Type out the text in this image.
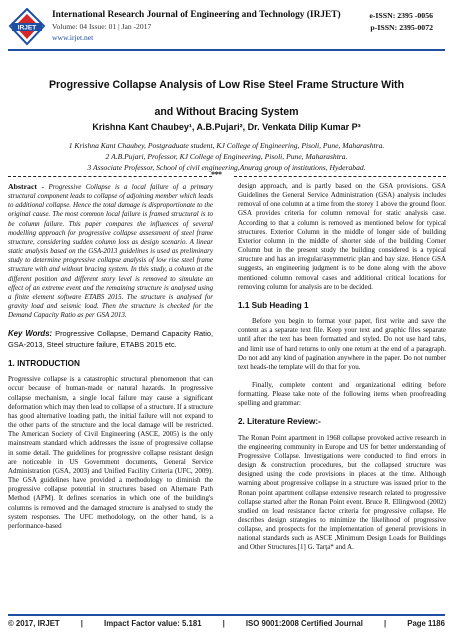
IRJET
International Research Journal of Engineering and Technology (IRJET)
Volume: 04 Issue: 01 | Jan -2017
www.irjet.net
e-ISSN: 2395 -0056
p-ISSN: 2395-0072
Progressive Collapse Analysis of Low Rise Steel Frame Structure With
and Without Bracing System
Krishna Kant Chaubey¹, A.B.Pujari², Dr. Venkata Dilip Kumar P³
1 Krishna Kant Chaubey, Postgraduate student, KJ College of Engineering, Pisoli, Pune, Maharashtra.
2 A.B.Pujari, Professor, KJ College of Engineering, Pisoli, Pune, Maharashtra.
3 Associate Professor, School of civil engineering,Anurag group of institutions, Hyderabad.
***

Abstract - Progressive Collapse is a local failure of a primary structural component leads to collapse of adjoining member which leads to additional collapse. Hence the total damage is disproportionate to the original cause. The most common local failure is framed structural is to be column failure. This paper compares the influences of several modelling approach for progressive collapse assessment of steel frame structure, considering sudden column loss as design scenario. A linear static analysis based on the GSA-2013 guidelines is used as preliminary study to determine progressive collapse analysis of low rise steel frame structure with and without bracing system. In this study, a column at the different position and different story level is removed to simulate an effect of an extreme event and the remaining structure is analysed using a finite element software ETABS 2015. The structure is analysed for gravity load and seismic load. Then the structure is checked for the Demand Capacity Ratio as per GSA 2013.

Key Words: Progressive Collapse, Demand Capacity Ratio, GSA-2013, Steel structure failure, ETABS 2015 etc.

1. INTRODUCTION

Progressive collapse is a catastrophic structural phenomenon that can occur because of human-made or natural hazards. In progressive collapse mechanism, a single local failure may cause a significant deformation which may then lead to collapse of a structure. If a structure has good alternative loading path, the initial failure will not expand to the other parts of the structure and the local damage will be restricted. The American Society of Civil Engineering (ASCE, 2005) is the only mainstream standard which addresses the issue of progressive collapse in some detail. The guidelines for progressive collapse resistant design are noticeable in US Government documents, General Service Administration (GSA, 2003) and Unified Facility Criteria (UFC, 2009). The GSA guidelines have provided a methodology to diminish the progressive collapse potential in structures based on Alternate Path Method (APM). It defines scenarios in which one of the building's columns is removed and the damaged structure is analysed to study the system responses. The UFC methodology, on the other hand, is a performance-based

design approach, and is partly based on the GSA provisions. GSA Guidelines the General Service Administration (GSA) analysis includes removal of one column at a time from the storey 1 above the ground floor. GSA provides criteria for column removal for static analysis case. According to that a column is removed as mentioned below for typical structures. Exterior Column in the middle of longer side of building Exterior column in the middle of shorter side of the building Corner Column but in the present study the building considered is a typical structure and has an irregular/asymmetric plan and bay size. Hence GSA suggests, an engineering judgment is to be done along with the above mentioned column removal cases and additional critical locations for removing column for analysis are to be decided.

1.1 Sub Heading 1

Before you begin to format your paper, first write and save the content as a separate text file. Keep your text and graphic files separate until after the text has been formatted and styled. Do not use hard tabs, and limit use of hard returns to only one return at the end of a paragraph. Do not add any kind of pagination anywhere in the paper. Do not number text heads-the template will do that for you.

Finally, complete content and organizational editing before formatting. Please take note of the following items when proofreading spelling and grammar:

2. Literature Review:-

The Ronan Point apartment in 1968 collapse provoked active research in the engineering community in Europe and US for better understanding of Progressive Collapse. Investigations were conducted to find errors in design & construction procedures, but the collapsed structure was designed using the code provisions in places at the time. Although warning about progressive collapse in a structure was issued prior to the Ronan point apartment collapse extensive research related to progressive collapse started after the Ronan Point event. Bruce R. Ellingwood (2002) studied on load resistance factor criteria for progressive collapse. He describes design strategies to minimize the likelihood of progressive collapse, and prospects for the implementation of general provisions in national standards such as ASCE ,Minimum Design Loads for Buildings and Other Structures.[1] G. Tarţa* and A.

© 2017, IRJET	|	Impact Factor value: 5.181	|	ISO 9001:2008 Certified Journal	|	Page 1186
